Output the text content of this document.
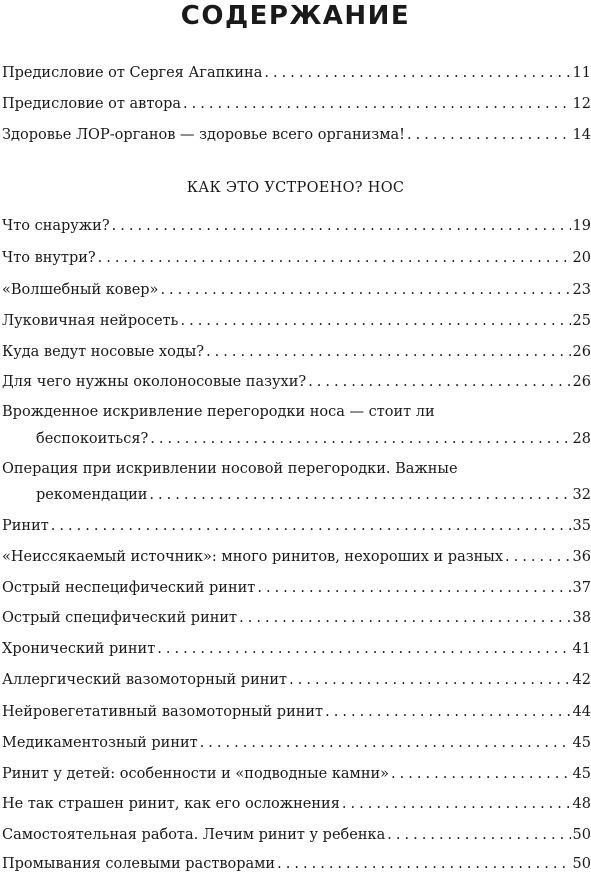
СОДЕРЖАНИЕ
Предисловие от Сергея Агапкина . . .	11
Предисловие от автора . . .	12
Здоровье ЛОР-органов — здоровье всего организма! . . .	14
Что снаружи? . . .	19
Что внутри? . . .	20
«Волшебный ковер» . . .	23
Луковичная нейросеть . . .	25
Куда ведут носовые ходы? . . .	26
Для чего нужны околоносовые пазухи? . . .	26
Врожденное искривление перегородки носа — стоит ли
беспокоиться? . . .	28
Операция при искривлении носовой перегородки. Важные
рекомендации . . .	32
Ринит . . .	35
«Неиссякаемый источник»: много ринитов, нехороших и разных . . .	36
Острый неспецифический ринит . . .	37
Острый специфический ринит . . .	38
Хронический ринит . . .	41
Аллергический вазомоторный ринит . . .	42
Нейровегетативный вазомоторный ринит . . .	44
Медикаментозный ринит . . .	45
Ринит у детей: особенности и «подводные камни» . . .	45
Не так страшен ринит, как его осложнения . . .	48
Самостоятельная работа. Лечим ринит у ребенка . . .	50
Промывания солевыми растворами . . .	50
КАК ЭТО УСТРОЕНО? НОС
